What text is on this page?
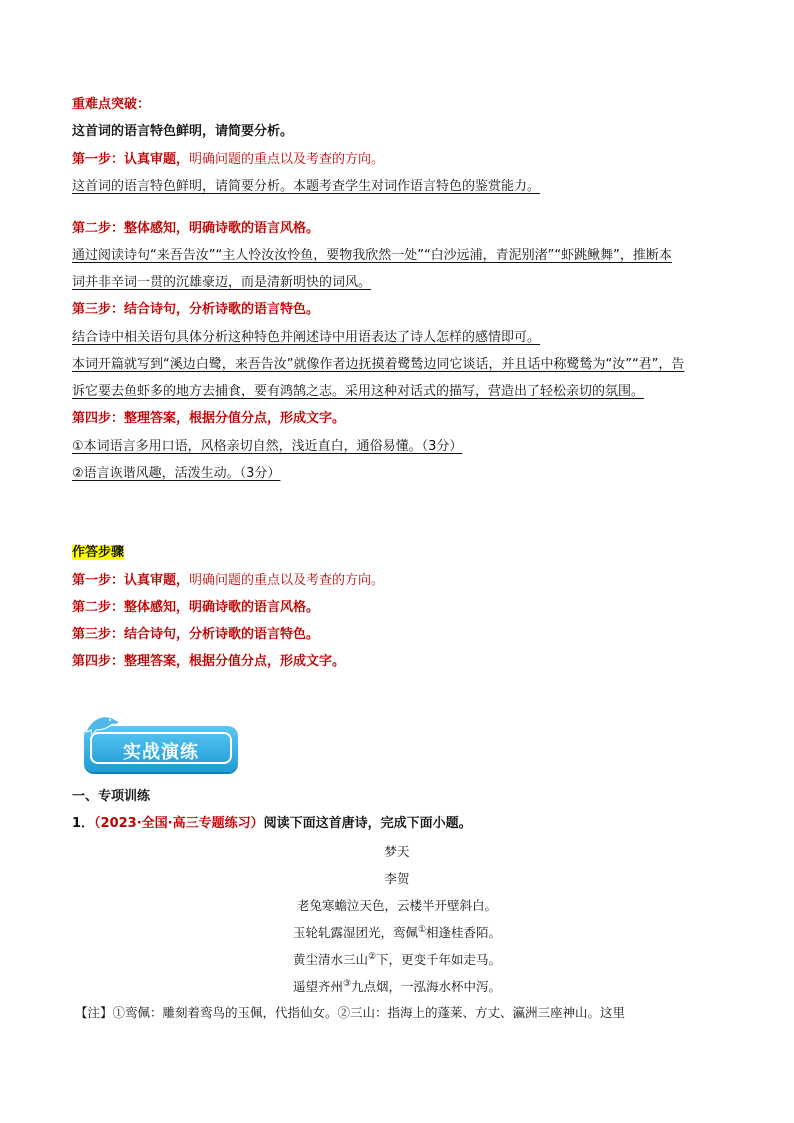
重难点突破：
这首词的语言特色鲜明，请简要分析。
第一步：认真审题，明确问题的重点以及考查的方向。
这首词的语言特色鲜明，请简要分析。本题考查学生对词作语言特色的鉴赏能力。
第二步：整体感知，明确诗歌的语言风格。
通过阅读诗句“来吾告汝”“主人怜汝汝怜鱼，要物我欣然一处”“白沙远浦，青泥别渚”“虾跳鳅舞”，推断本
词并非辛词一贯的沉雄豪迈，而是清新明快的词风。
第三步：结合诗句，分析诗歌的语言特色。
结合诗中相关语句具体分析这种特色并阐述诗中用语表达了诗人怎样的感情即可。
本词开篇就写到“溪边白鹭，来吾告汝”就像作者边抚摸着鹭鸶边同它谈话，并且话中称鹭鸶为“汝”“君”，告
诉它要去鱼虾多的地方去捕食，要有鸿鹄之志。采用这种对话式的描写，营造出了轻松亲切的氛围。
第四步：整理答案，根据分值分点，形成文字。
①本词语言多用口语，风格亲切自然，浅近直白，通俗易懂。（3分）
②语言诙谐风趣，活泼生动。（3分）
作答步骤
第一步：认真审题，明确问题的重点以及考查的方向。
第二步：整体感知，明确诗歌的语言风格。
第三步：结合诗句，分析诗歌的语言特色。
第四步：整理答案，根据分值分点，形成文字。
实战演练
一、专项训练
1．（2023·全国·高三专题练习）阅读下面这首唐诗，完成下面小题。
梦天
李贺
老兔寒蟾泣天色，云楼半开壁斜白。
玉轮轧露湿团光，鸾佩①相逢桂香陌。
黄尘清水三山②下，更变千年如走马。
遥望齐州③九点烟，一泓海水杯中泻。
【注】①鸾佩：雕刻着鸾鸟的玉佩，代指仙女。②三山：指海上的蓬莱、方丈、瀛洲三座神山。这里
